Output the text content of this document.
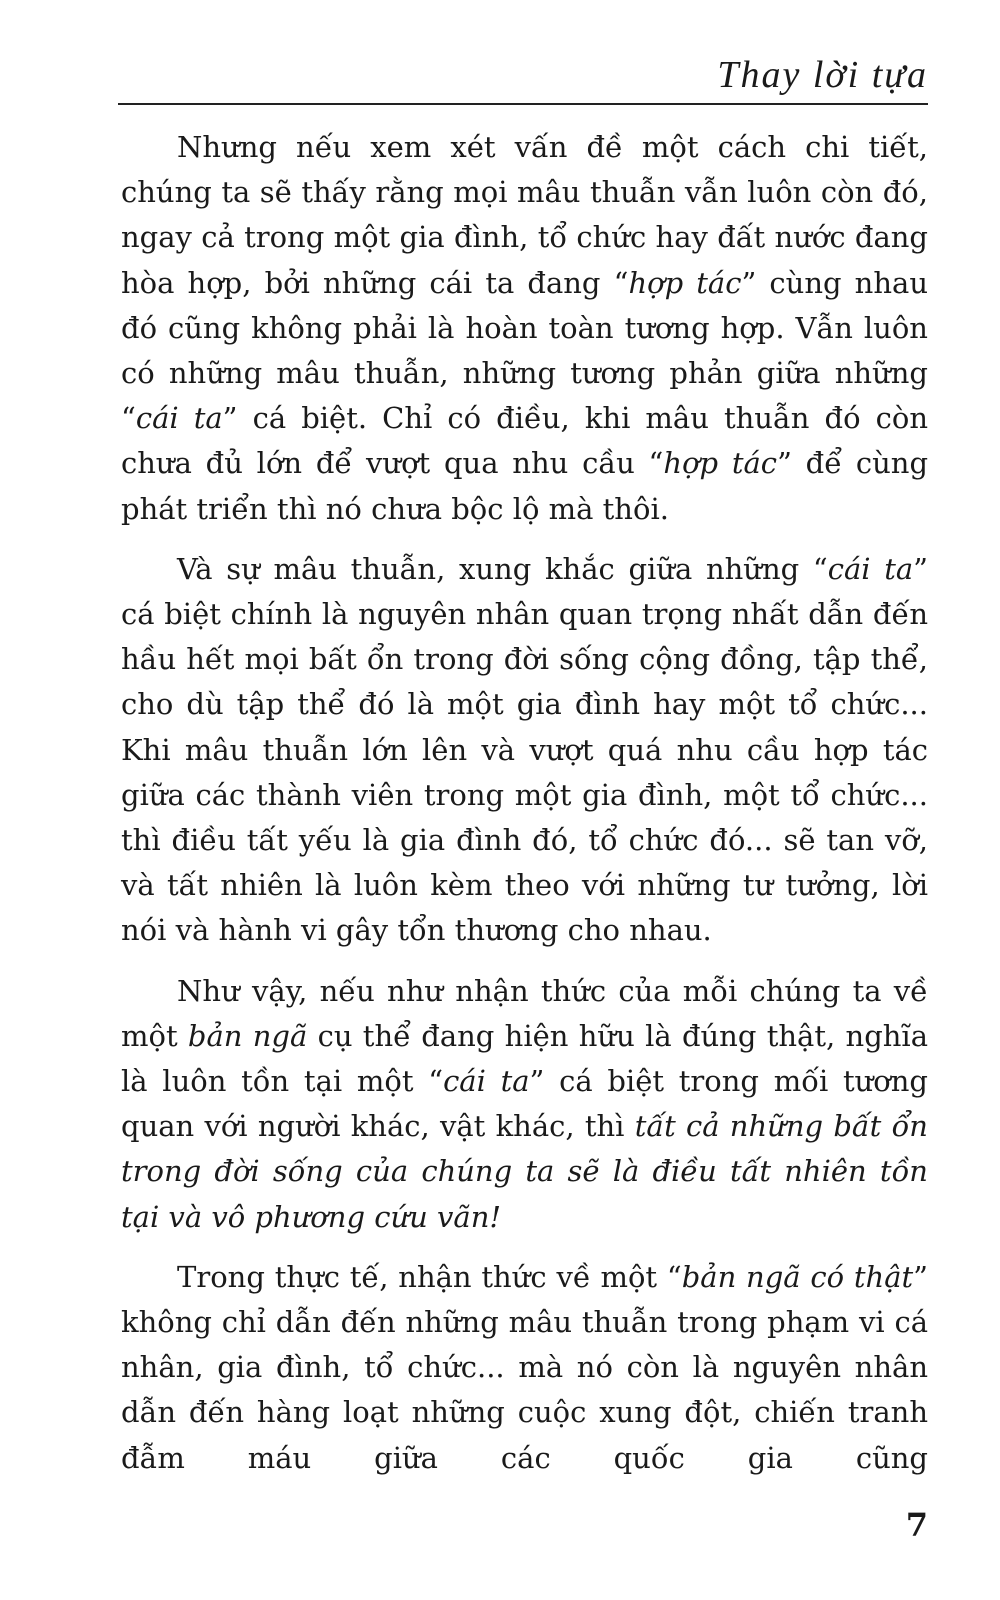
Thay lời tựa

Nhưng nếu xem xét vấn đề một cách chi tiết, chúng ta sẽ thấy rằng mọi mâu thuẫn vẫn luôn còn đó, ngay cả trong một gia đình, tổ chức hay đất nước đang hòa hợp, bởi những cái ta đang “hợp tác” cùng nhau đó cũng không phải là hoàn toàn tương hợp. Vẫn luôn có những mâu thuẫn, những tương phản giữa những “cái ta” cá biệt. Chỉ có điều, khi mâu thuẫn đó còn chưa đủ lớn để vượt qua nhu cầu “hợp tác” để cùng phát triển thì nó chưa bộc lộ mà thôi.

Và sự mâu thuẫn, xung khắc giữa những “cái ta” cá biệt chính là nguyên nhân quan trọng nhất dẫn đến hầu hết mọi bất ổn trong đời sống cộng đồng, tập thể, cho dù tập thể đó là một gia đình hay một tổ chức... Khi mâu thuẫn lớn lên và vượt quá nhu cầu hợp tác giữa các thành viên trong một gia đình, một tổ chức... thì điều tất yếu là gia đình đó, tổ chức đó... sẽ tan vỡ, và tất nhiên là luôn kèm theo với những tư tưởng, lời nói và hành vi gây tổn thương cho nhau.

Như vậy, nếu như nhận thức của mỗi chúng ta về một bản ngã cụ thể đang hiện hữu là đúng thật, nghĩa là luôn tồn tại một “cái ta” cá biệt trong mối tương quan với người khác, vật khác, thì tất cả những bất ổn trong đời sống của chúng ta sẽ là điều tất nhiên tồn tại và vô phương cứu vãn!

Trong thực tế, nhận thức về một “bản ngã có thật” không chỉ dẫn đến những mâu thuẫn trong phạm vi cá nhân, gia đình, tổ chức... mà nó còn là nguyên nhân dẫn đến hàng loạt những cuộc xung đột, chiến tranh đẫm máu giữa các quốc gia cũng

7
